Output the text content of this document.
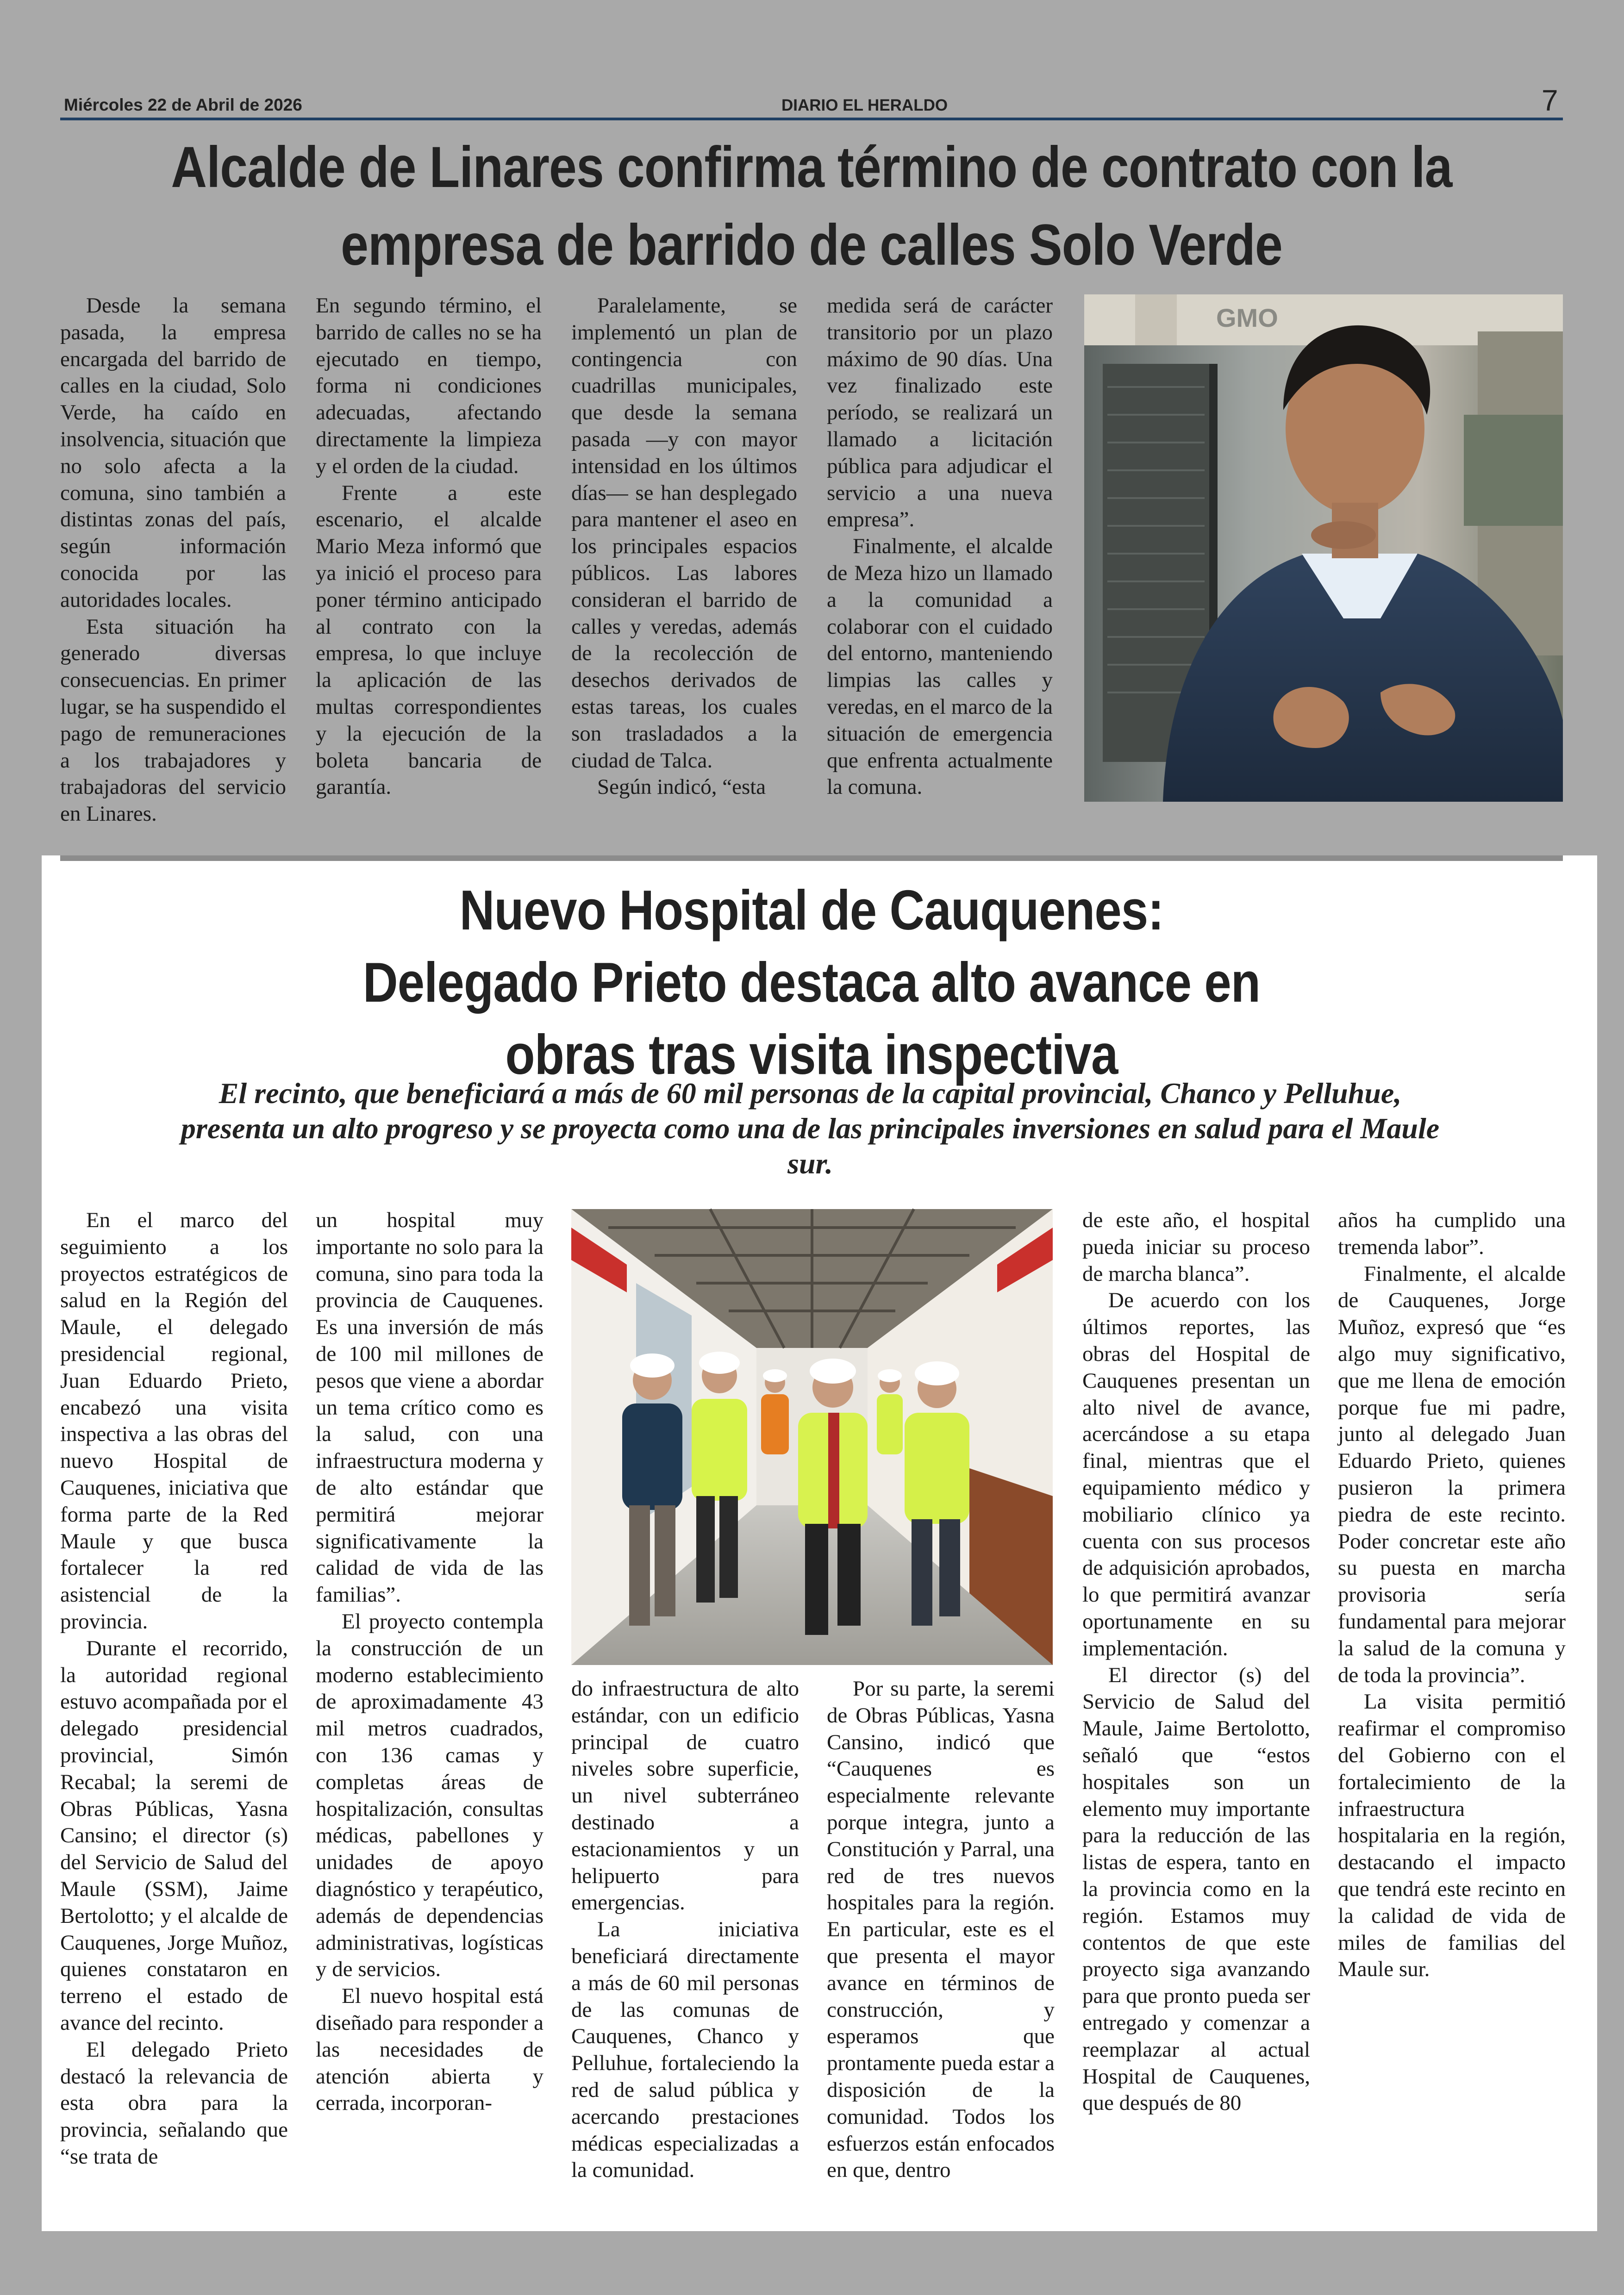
Miércoles 22 de Abril de 2026	DIARIO EL HERALDO	7
Alcalde de Linares confirma término de contrato con la empresa de barrido de calles Solo Verde

Desde la semana pasada, la empresa encargada del barrido de calles en la ciudad, Solo Verde, ha caído en insolvencia, situación que no solo afecta a la comuna, sino también a distintas zonas del país, según información conocida por las autoridades locales.

Esta situación ha generado diversas consecuencias. En primer lugar, se ha suspendido el pago de remuneraciones a los trabajadores y trabajadoras del servicio en Linares.

En segundo término, el barrido de calles no se ha ejecutado en tiempo, forma ni condiciones adecuadas, afectando directamente la limpieza y el orden de la ciudad.

Frente a este escenario, el alcalde Mario Meza informó que ya inició el proceso para poner término anticipado al contrato con la empresa, lo que incluye la aplicación de las multas correspondientes y la ejecución de la boleta bancaria de garantía.

Paralelamente, se implementó un plan de contingencia con cuadrillas municipales, que desde la semana pasada —y con mayor intensidad en los últimos días— se han desplegado para mantener el aseo en los principales espacios públicos. Las labores consideran el barrido de calles y veredas, además de la recolección de desechos derivados de estas tareas, los cuales son trasladados a la ciudad de Talca.

Según indicó, “esta

medida será de carácter transitorio por un plazo máximo de 90 días. Una vez finalizado este período, se realizará un llamado a licitación pública para adjudicar el servicio a una nueva empresa”.

Finalmente, el alcalde de Meza hizo un llamado a la comunidad a colaborar con el cuidado del entorno, manteniendo limpias las calles y veredas, en el marco de la situación de emergencia que enfrenta actualmente la comuna.

GMO
Nuevo Hospital de Cauquenes:
Delegado Prieto destaca alto avance en obras tras visita inspectiva

El recinto, que beneficiará a más de 60 mil personas de la capital provincial, Chanco y Pelluhue, presenta un alto progreso y se proyecta como una de las principales inversiones en salud para el Maule sur.

En el marco del seguimiento a los proyectos estratégicos de salud en la Región del Maule, el delegado presidencial regional, Juan Eduardo Prieto, encabezó una visita inspectiva a las obras del nuevo Hospital de Cauquenes, iniciativa que forma parte de la Red Maule y que busca fortalecer la red asistencial de la provincia.

Durante el recorrido, la autoridad regional estuvo acompañada por el delegado presidencial provincial, Simón Recabal; la seremi de Obras Públicas, Yasna Cansino; el director (s) del Servicio de Salud del Maule (SSM), Jaime Bertolotto; y el alcalde de Cauquenes, Jorge Muñoz, quienes constataron en terreno el estado de avance del recinto.

El delegado Prieto destacó la relevancia de esta obra para la provincia, señalando que “se trata de

un hospital muy importante no solo para la comuna, sino para toda la provincia de Cauquenes. Es una inversión de más de 100 mil millones de pesos que viene a abordar un tema crítico como es la salud, con una infraestructura moderna y de alto estándar que permitirá mejorar significativamente la calidad de vida de las familias”.

El proyecto contempla la construcción de un moderno establecimiento de aproximadamente 43 mil metros cuadrados, con 136 camas y completas áreas de hospitalización, consultas médicas, pabellones y unidades de apoyo diagnóstico y terapéutico, además de dependencias administrativas, logísticas y de servicios.

El nuevo hospital está diseñado para responder a las necesidades de atención abierta y cerrada, incorporan-

do infraestructura de alto estándar, con un edificio principal de cuatro niveles sobre superficie, un nivel subterráneo destinado a estacionamientos y un helipuerto para emergencias.

La iniciativa beneficiará directamente a más de 60 mil personas de las comunas de Cauquenes, Chanco y Pelluhue, fortaleciendo la red de salud pública y acercando prestaciones médicas especializadas a la comunidad.

Por su parte, la seremi de Obras Públicas, Yasna Cansino, indicó que “Cauquenes es especialmente relevante porque integra, junto a Constitución y Parral, una red de tres nuevos hospitales para la región. En particular, este es el que presenta el mayor avance en términos de construcción, y esperamos que prontamente pueda estar a disposición de la comunidad. Todos los esfuerzos están enfocados en que, dentro

de este año, el hospital pueda iniciar su proceso de marcha blanca”.

De acuerdo con los últimos reportes, las obras del Hospital de Cauquenes presentan un alto nivel de avance, acercándose a su etapa final, mientras que el equipamiento médico y mobiliario clínico ya cuenta con sus procesos de adquisición aprobados, lo que permitirá avanzar oportunamente en su implementación.

El director (s) del Servicio de Salud del Maule, Jaime Bertolotto, señaló que “estos hospitales son un elemento muy importante para la reducción de las listas de espera, tanto en la provincia como en la región. Estamos muy contentos de que este proyecto siga avanzando para que pronto pueda ser entregado y comenzar a reemplazar al actual Hospital de Cauquenes, que después de 80

años ha cumplido una tremenda labor”.

Finalmente, el alcalde de Cauquenes, Jorge Muñoz, expresó que “es algo muy significativo, que me llena de emoción porque fue mi padre, junto al delegado Juan Eduardo Prieto, quienes pusieron la primera piedra de este recinto. Poder concretar este año su puesta en marcha provisoria sería fundamental para mejorar la salud de la comuna y de toda la provincia”.

La visita permitió reafirmar el compromiso del Gobierno con el fortalecimiento de la infraestructura hospitalaria en la región, destacando el impacto que tendrá este recinto en la calidad de vida de miles de familias del Maule sur.
